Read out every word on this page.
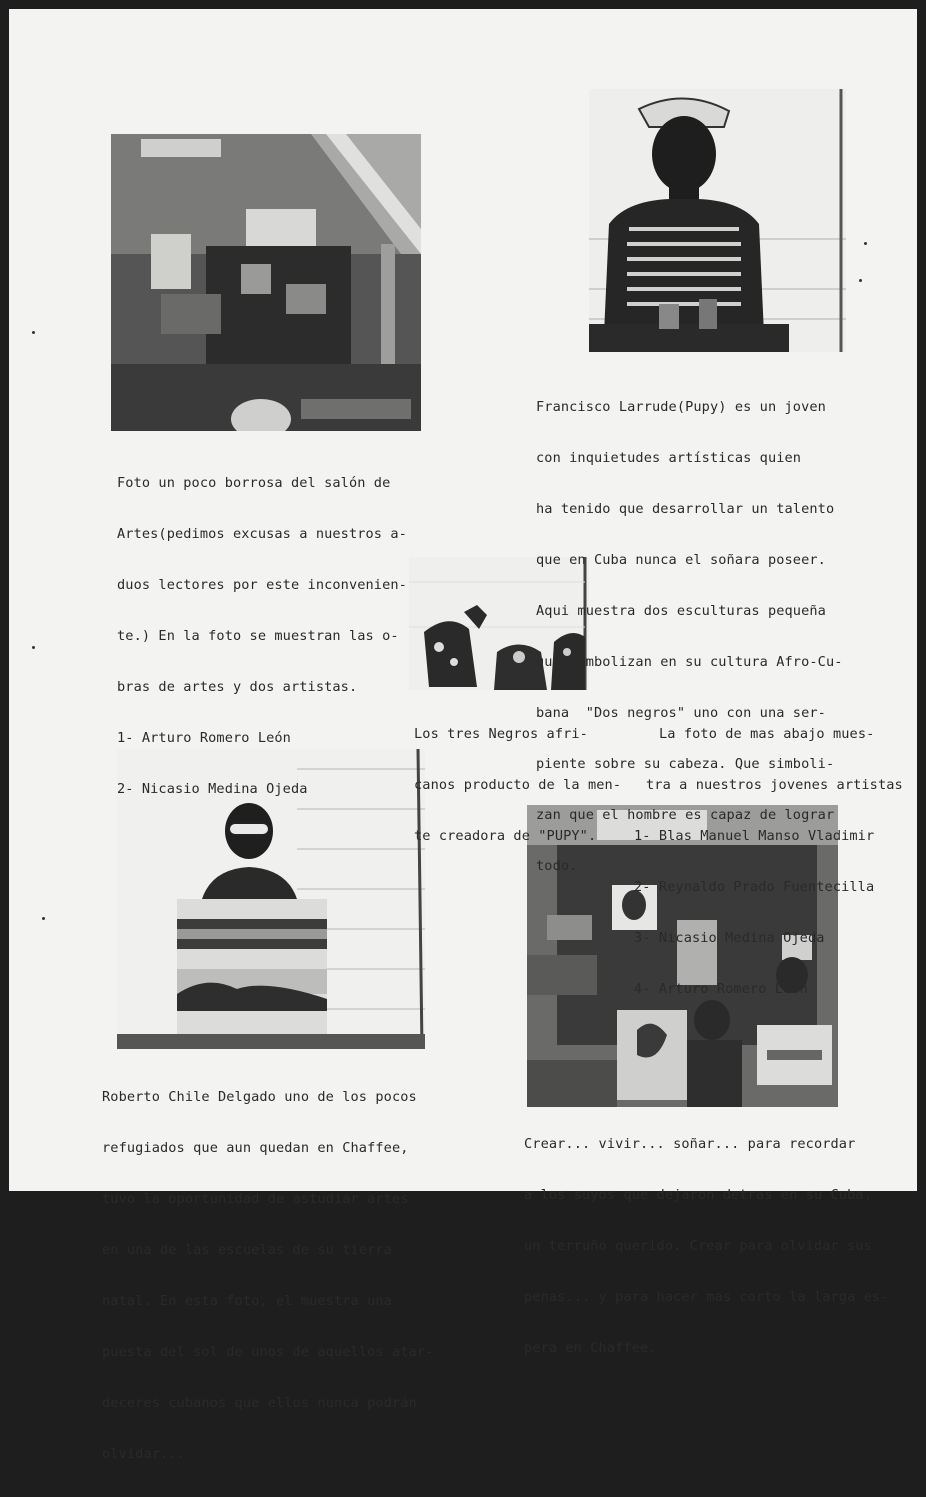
Foto un poco borrosa del salón de

Artes(pedimos excusas a nuestros a-

duos lectores por este inconvenien-

te.) En la foto se muestran las o-

bras de artes y dos artistas.

1- Arturo Romero León

2- Nicasio Medina Ojeda

Francisco Larrude(Pupy) es un joven

con inquietudes artísticas quien

ha tenido que desarrollar un talento

que en Cuba nunca el soñara poseer.

Aqui muestra dos esculturas pequeña

que simbolizan en su cultura Afro-Cu-

bana  "Dos negros" uno con una ser-

piente sobre su cabeza. Que simboli-

zan que el hombre es capaz de lograr

todo.

Los tres Negros afri-

canos producto de la men-

te creadora de "PUPY".

La foto de mas abajo mues-

tra a nuestros jovenes artistas

1- Blas Manuel Manso Vladimir

2- Reynaldo Prado Fuentecilla

3- Nicasio Medina Ojeda

4- Arturo Romero León

Roberto Chile Delgado uno de los pocos

refugiados que aun quedan en Chaffee,

tuvo la oportunidad de astudiar artes

en una de las escuelas de su tierra

natal. En esta foto, el muestra una

puesta del sol de unos de aquellos atar-

deceres cubanos que ellos nunca podrán

olvidar...

Crear... vivir... soñar... para recordar

a los suyos que dejaron detras en su Cuba,

un terruño querido. Crear para olvidar sus

penas... y para hacer mas corto la larga es-

pera en Chaffee.
